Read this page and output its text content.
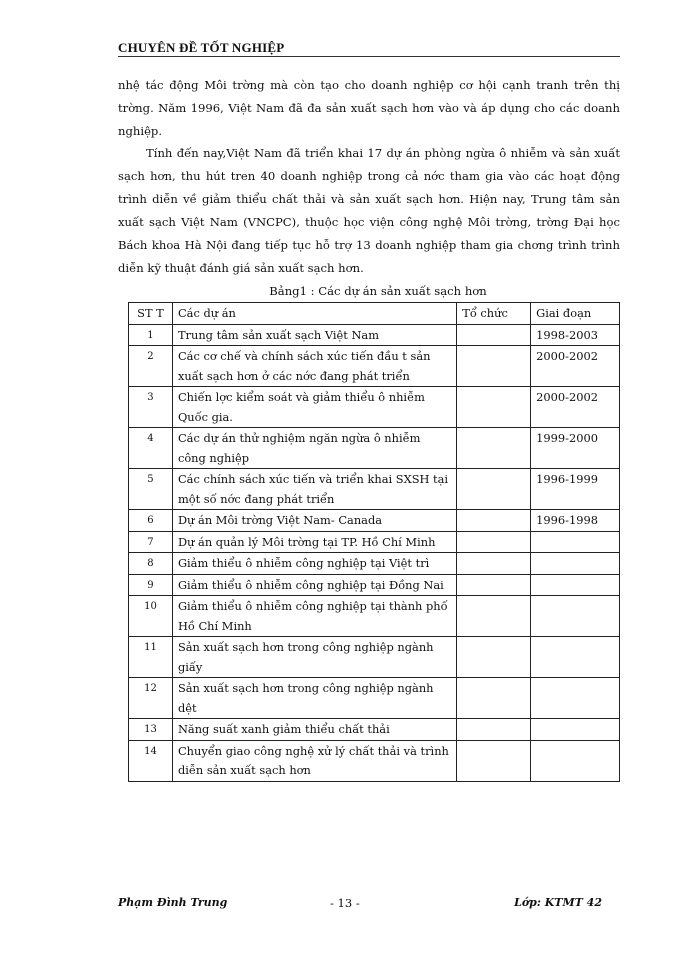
CHUYÊN ĐỀ TỐT NGHIỆP

nhệ tác động Môi trờng mà còn tạo cho doanh nghiệp cơ hội cạnh tranh trên thị trờng. Năm 1996, Việt Nam đã đa sản xuất sạch hơn vào và áp dụng cho các doanh nghiệp.

Tính đến nay,Việt Nam đã triển khai 17 dự án phòng ngừa ô nhiễm và sản xuất sạch hơn, thu hút tren 40 doanh nghiệp trong cả nớc tham gia vào các hoạt động trình diễn về giảm thiểu chất thải và sản xuất sạch hơn. Hiện nay, Trung tâm sản xuất sạch Việt Nam (VNCPC), thuộc học viện công nghệ Môi trờng, trờng Đại học Bách khoa Hà Nội đang tiếp tục hỗ trợ 13 doanh nghiệp tham gia chơng trình trình diễn kỹ thuật đánh giá sản xuất sạch hơn.

Bảng1 : Các dự án sản xuất sạch hơn
ST T	Các dự án	Tổ chức	Giai đoạn
1	Trung tâm sản xuất sạch Việt Nam		1998-2003
2	Các cơ chế và chính sách xúc tiến đầu t sản xuất sạch hơn ở các nớc đang phát triển		2000-2002
3	Chiến lợc kiểm soát và giảm thiểu ô nhiễm Quốc gia.		2000-2002
4	Các dự án thử nghiệm ngăn ngừa ô nhiễm công nghiệp		1999-2000
5	Các chính sách xúc tiến và triển khai SXSH tại một số nớc đang phát triển		1996-1999
6	Dự án Môi trờng Việt Nam- Canada		1996-1998
7	Dự án quản lý Môi trờng tại TP. Hồ Chí Minh		
8	Giảm thiểu ô nhiễm công nghiệp tại Việt trì		
9	Giảm thiểu ô nhiễm công nghiệp tại Đồng Nai		
10	Giảm thiểu ô nhiễm công nghiệp tại thành phố Hồ Chí Minh		
11	Sản xuất sạch hơn trong công nghiệp ngành giấy		
12	Sản xuất sạch hơn trong công nghiệp ngành dệt		
13	Năng suất xanh giảm thiểu chất thải		
14	Chuyển giao công nghệ xử lý chất thải và trình diễn sản xuất sạch hơn		
Phạm Đình Trung	- 13 -	Lớp: KTMT 42
